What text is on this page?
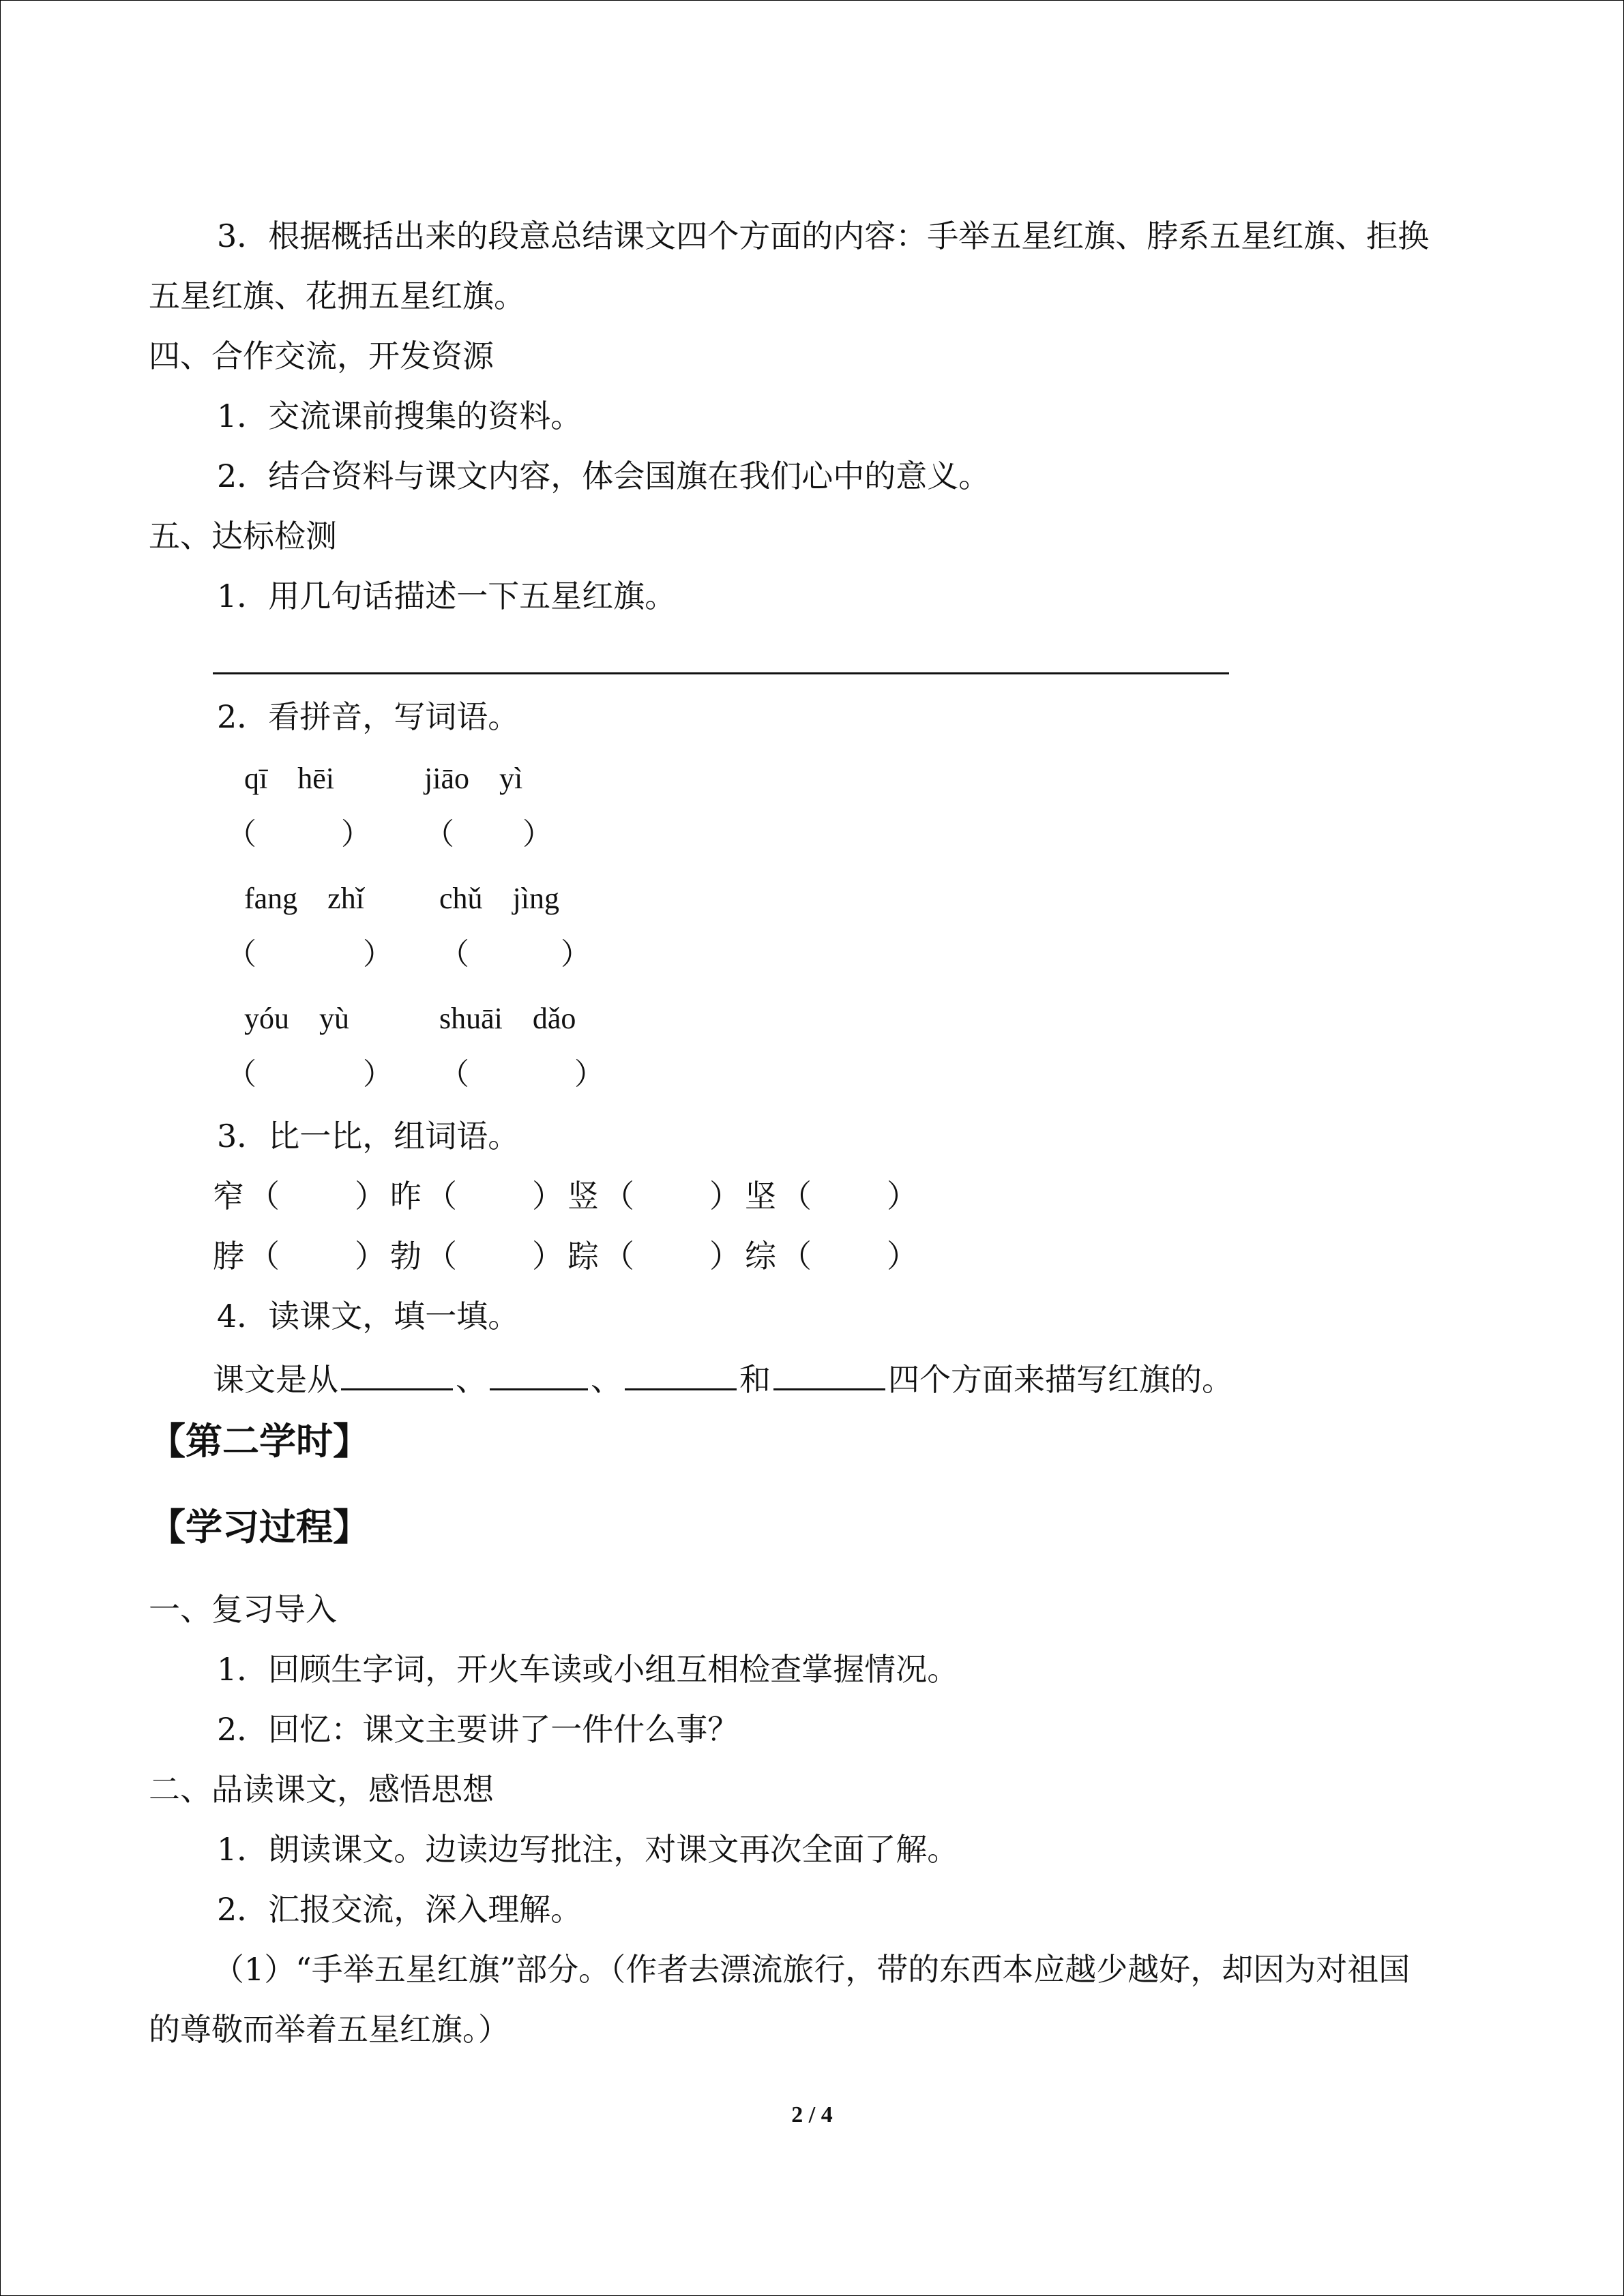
3．根据概括出来的段意总结课文四个方面的内容：手举五星红旗、脖系五星红旗、拒换
五星红旗、花拥五星红旗。
四、合作交流，开发资源
1．交流课前搜集的资料。
2．结合资料与课文内容，体会国旗在我们心中的意义。
五、达标检测
1．用几句话描述一下五星红旗。
2．看拼音，写词语。
qī　hēi	jiāo　yì
（	） （ ）
fang　zhǐ	chǔ　jìng
（	） （	）
yóu　yù	shuāi　dǎo
（	） （	）
3．比一比，组词语。
窄（　　）昨（　　）竖（　　）坚（　　）
脖（　　）勃（　　）踪（　　）综（　　）
4．读课文，填一填。
课文是从	、	、	和	四个方面来描写红旗的。
【第二学时】
【学习过程】
一、复习导入
1．回顾生字词，开火车读或小组互相检查掌握情况。
2．回忆：课文主要讲了一件什么事？
二、品读课文，感悟思想
1．朗读课文。边读边写批注，对课文再次全面了解。
2．汇报交流，深入理解。
（1）“手举五星红旗”部分。（作者去漂流旅行，带的东西本应越少越好，却因为对祖国
的尊敬而举着五星红旗。）
2 / 4
